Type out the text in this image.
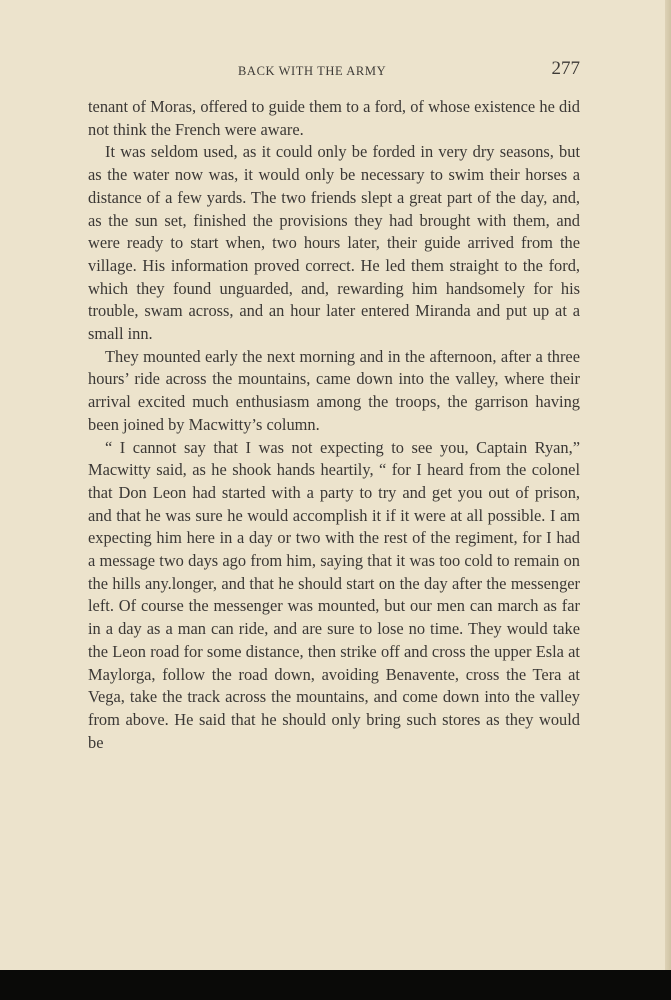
BACK WITH THE ARMY	277

tenant of Moras, offered to guide them to a ford, of whose existence he did not think the French were aware.

It was seldom used, as it could only be forded in very dry seasons, but as the water now was, it would only be necessary to swim their horses a distance of a few yards. The two friends slept a great part of the day, and, as the sun set, finished the provisions they had brought with them, and were ready to start when, two hours later, their guide arrived from the village. His information proved correct. He led them straight to the ford, which they found unguarded, and, rewarding him handsomely for his trouble, swam across, and an hour later entered Miranda and put up at a small inn.

They mounted early the next morning and in the afternoon, after a three hours’ ride across the mountains, came down into the valley, where their arrival excited much enthusiasm among the troops, the garrison having been joined by Macwitty’s column.

“ I cannot say that I was not expecting to see you, Captain Ryan,” Macwitty said, as he shook hands heartily, “ for I heard from the colonel that Don Leon had started with a party to try and get you out of prison, and that he was sure he would accomplish it if it were at all possible. I am expecting him here in a day or two with the rest of the regiment, for I had a message two days ago from him, saying that it was too cold to remain on the hills any.longer, and that he should start on the day after the messenger left. Of course the messenger was mounted, but our men can march as far in a day as a man can ride, and are sure to lose no time. They would take the Leon road for some distance, then strike off and cross the upper Esla at Maylorga, follow the road down, avoiding Benavente, cross the Tera at Vega, take the track across the mountains, and come down into the valley from above. He said that he should only bring such stores as they would be
